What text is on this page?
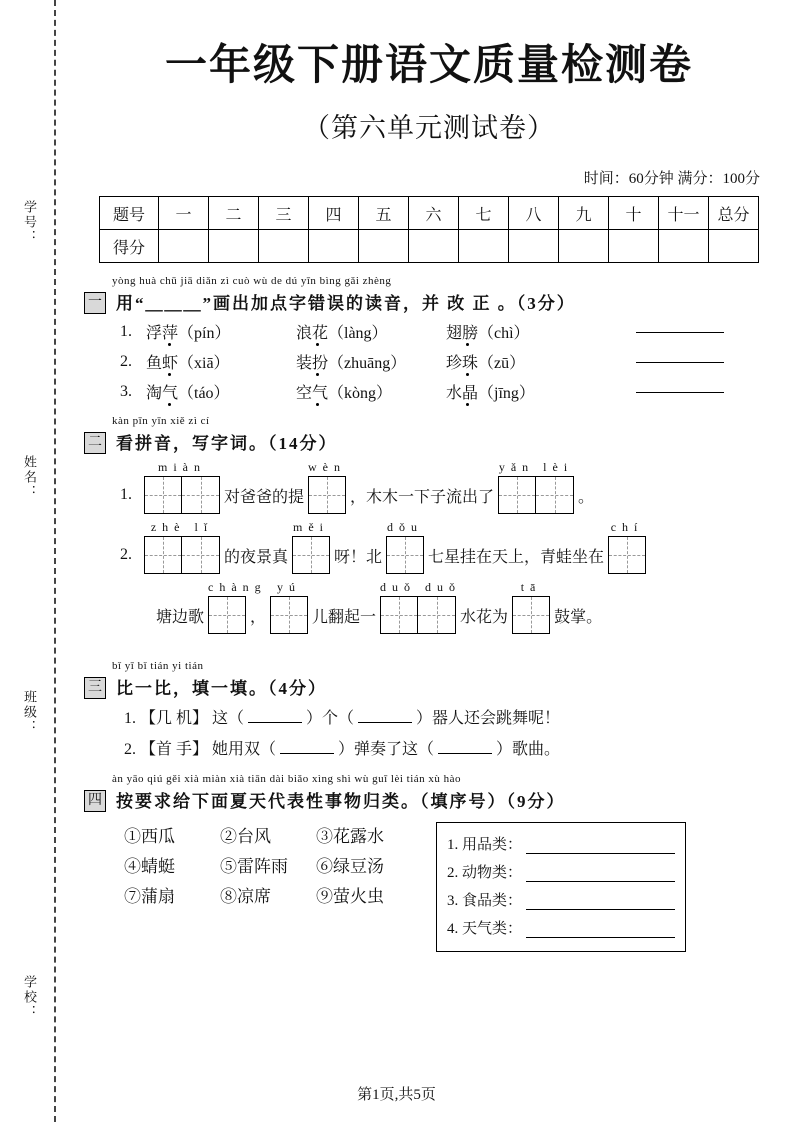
学号：
姓名：
班级：
学校：
一年级下册语文质量检测卷
（第六单元测试卷）
时间：60分钟 满分：100分
题号	一	二	三	四	五	六	七	八	九	十	十一	总分
得分												
yòng huà chū jiā diǎn zì cuò wù de dú yīn bìng gǎi zhèng
一 用“＿＿＿”画出加点字错误的读音，并 改 正 。（3分）
1. 浮萍（pín）	浪花（làng）	翅膀（chì）
2. 鱼虾（xiā）	装扮（zhuāng）	珍珠（zū）
3. 淘气（táo）	空气（kòng）	水晶（jīng）
kàn pīn yīn xiě zì cí
二 看拼音，写字词。（14分）
1.
miàn
对爸爸的提
wèn
，木木一下子流出了
yǎn lèi
。
2.
zhè lǐ
的夜景真
měi
呀！北
dǒu
七星挂在天上，青蛙坐在
chí
塘边歌
chàng
，
yú
儿翻起一
duǒ duǒ
水花为
tā
鼓掌。
bǐ yī bǐ tián yi tián
三 比一比，填一填。（4分）
1. 【几 机】 这（	）个（	）器人还会跳舞呢！
2. 【首 手】 她用双（	）弹奏了这（	）歌曲。
àn yāo qiú gěi xià miàn xià tiān dài biǎo xìng shì wù guī lèi tián xù hào
四 按要求给下面夏天代表性事物归类。（填序号）（9分）
①西瓜	②台风	③花露水
④蜻蜓	⑤雷阵雨	⑥绿豆汤
⑦蒲扇	⑧凉席	⑨萤火虫
1. 用品类：
2. 动物类：
3. 食品类：
4. 天气类：
第1页,共5页
